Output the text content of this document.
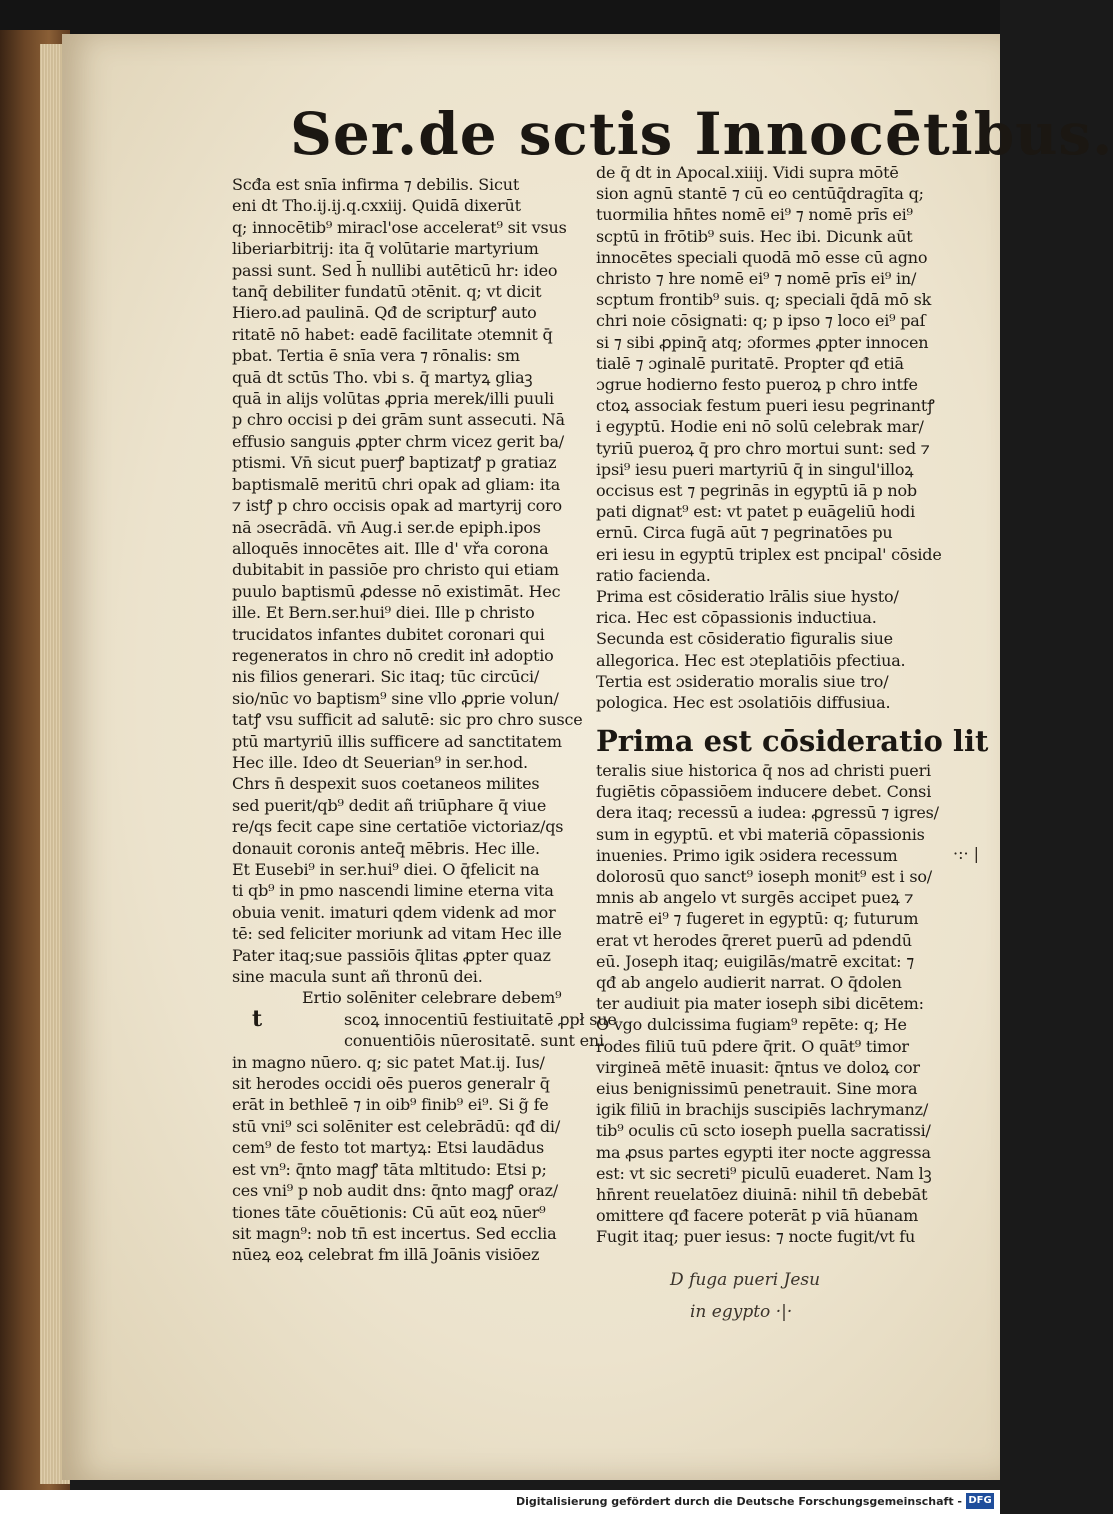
Ser.de sctis Innocētibus.
Scđa est snīa infirma ⁊ debilis. Sicut
eni dt Tho.ij.ij.q.cxxiij. Quidā dixerūt
q; innocētib⁹ miracl'ose accelerat⁹ sit vsus
liberiarbitrij: ita q̄ volūtarie martyrium
passi sunt. Sed h̄ nullibi autēticū hr: ideo
tanq̄ debiliter fundatū ɔtēnit. q; vt dicit
Hiero.ad paulinā. Qđ de scripturꝭ auto
ritatē nō habet: eadē facilitate ɔtemnit q̄
pbat. Tertia ē snīa vera ⁊ rōnalis: sm
quā dt sctūs Tho. vbi s. q̄ martyꝝ gliaꝫ
quā in alijs volūtas ꝓpria merek/illi puuli
p chro occisi p dei grām sunt assecuti. Nā
effusio sanguis ꝓpter chrm vicez gerit ba/
ptismi. Vn̄ sicut puerꝭ baptizatꝭ p gratiaz
baptismalē meritū chri opak ad gliam: ita
⁊ istꝭ p chro occisis opak ad martyrij coro
nā ɔsecrādā. vn̄ Aug.i ser.de epiph.ipos
alloquēs innocētes ait. Ille d' vřa corona
dubitabit in passiōe pro christo qui etiam
puulo baptismū ꝓdesse nō existimāt. Hec
ille. Et Bern.ser.hui⁹ diei. Ille p christo
trucidatos infantes dubitet coronari qui
regeneratos in chro nō credit inł adoptio
nis filios generari. Sic itaq; tūc circūci/
sio/nūc vo baptism⁹ sine vllo ꝓprie volun/
tatꝭ vsu sufficit ad salutē: sic pro chro susce
ptū martyriū illis sufficere ad sanctitatem
Hec ille. Ideo dt Seuerian⁹ in ser.hod.
Chrs n̄ despexit suos coetaneos milites
sed puerit/qb⁹ dedit añ triūphare q̄ viue
re/qs fecit cape sine certatiōe victoriaz/qs
donauit coronis anteq̄ mēbris. Hec ille.
Et Eusebi⁹ in ser.hui⁹ diei. O q̄felicit na
ti qb⁹ in pmo nascendi limine eterna vita
obuia venit. imaturi qdem videnk ad mor
tē: sed feliciter moriunk ad vitam Hec ille
Pater itaq;sue passiōis q̄litas ꝓpter quaz
sine macula sunt añ thronū dei.
Ertio solēniter celebrare debem⁹
scoꝝ innocentiū festiuitatē ꝓpł sue
conuentiōis nūerositatē. sunt eni
in magno nūero. q; sic patet Mat.ij. Ius/
sit herodes occidi oēs pueros generalr q̄
erāt in bethleē ⁊ in oib⁹ finib⁹ ei⁹. Si g̃ fe
stū vni⁹ sci solēniter est celebrādū: qđ di/
cem⁹ de festo tot martyꝝ: Etsi laudādus
est vn⁹: q̄nto magꝭ tāta mltitudo: Etsi p;
ces vni⁹ p nob audit dns: q̄nto magꝭ oraz/
tiones tāte cōuētionis: Cū aūt eoꝝ nūer⁹
sit magn⁹: nob tn̄ est incertus. Sed ecclia
nūeꝝ eoꝝ celebrat fm illā Joānis visiōez
t
de q̄ dt in Apocal.xiiij. Vidi supra mōtē
sion agnū stantē ⁊ cū eo centūq̄dragīta q;
tuormilia hn̄tes nomē ei⁹ ⁊ nomē prīs ei⁹
scptū in frōtib⁹ suis. Hec ibi. Dicunk aūt
innocētes speciali quodā mō esse cū agno
christo ⁊ hre nomē ei⁹ ⁊ nomē prīs ei⁹ in/
scptum frontib⁹ suis. q; speciali q̄dā mō sk
chri noie cōsignati: q; p ipso ⁊ loco ei⁹ paſ
si ⁊ sibi ꝓpinq̄ atq; ɔformes ꝓpter innocen
tialē ⁊ ɔginalē puritatē. Propter qđ etiā
ɔgrue hodierno festo pueroꝝ p chro intfe
ctoꝝ associak festum pueri iesu pegrinantꝭ
i egyptū. Hodie eni nō solū celebrak mar/
tyriū pueroꝝ q̄ pro chro mortui sunt: sed ⁊
ipsi⁹ iesu pueri martyriū q̄ in singul'illoꝝ
occisus est ⁊ pegrinās in egyptū iā p nob
pati dignat⁹ est: vt patet p euāgeliū hodi
ernū. Circa fugā aūt ⁊ pegrinatōes pu
eri iesu in egyptū triplex est pncipal' cōside
ratio facienda.
Prima est cōsideratio lrālis siue hysto/
rica. Hec est cōpassionis inductiua.
Secunda est cōsideratio figuralis siue
allegorica. Hec est ɔteplatiōis pfectiua.
Tertia est ɔsideratio moralis siue tro/
pologica. Hec est ɔsolatiōis diffusiua.
Prima est cōsideratio lit
teralis siue historica q̄ nos ad christi pueri
fugiētis cōpassiōem inducere debet. Consi
dera itaq; recessū a iudea: ꝓgressū ⁊ igres/
sum in egyptū. et vbi materiā cōpassionis
inuenies. Primo igik ɔsidera recessum
dolorosū quo sanct⁹ ioseph monit⁹ est i so/
mnis ab angelo vt surgēs accipet pueꝝ ⁊
matrē ei⁹ ⁊ fugeret in egyptū: q; futurum
erat vt herodes q̄reret puerū ad pdendū
eū. Joseph itaq; euigilās/matrē excitat: ⁊
qđ ab angelo audierit narrat. O q̄dolen
ter audiuit pia mater ioseph sibi dicētem:
O vgo dulcissima fugiam⁹ repēte: q; He
rodes filiū tuū pdere q̄rit. O quāt⁹ timor
virgineā mētē inuasit: q̄ntus ve doloꝝ cor
eius benignissimū penetrauit. Sine mora
igik filiū in brachijs suscipiēs lachrymanz/
tib⁹ oculis cū scto ioseph puella sacratissi/
ma ꝓsus partes egypti iter nocte aggressa
est: vt sic secreti⁹ piculū euaderet. Nam lꝫ
hn̄rent reuelatōez diuinā: nihil tn̄ debebāt
omittere qđ facere poterāt p viā hūanam
Fugit itaq; puer iesus: ⁊ nocte fugit/vt fu
·:· |
D fuga pueri Jesu
in egypto ·|·
Digitalisierung gefördert durch die Deutsche Forschungsgemeinschaft - DFG
